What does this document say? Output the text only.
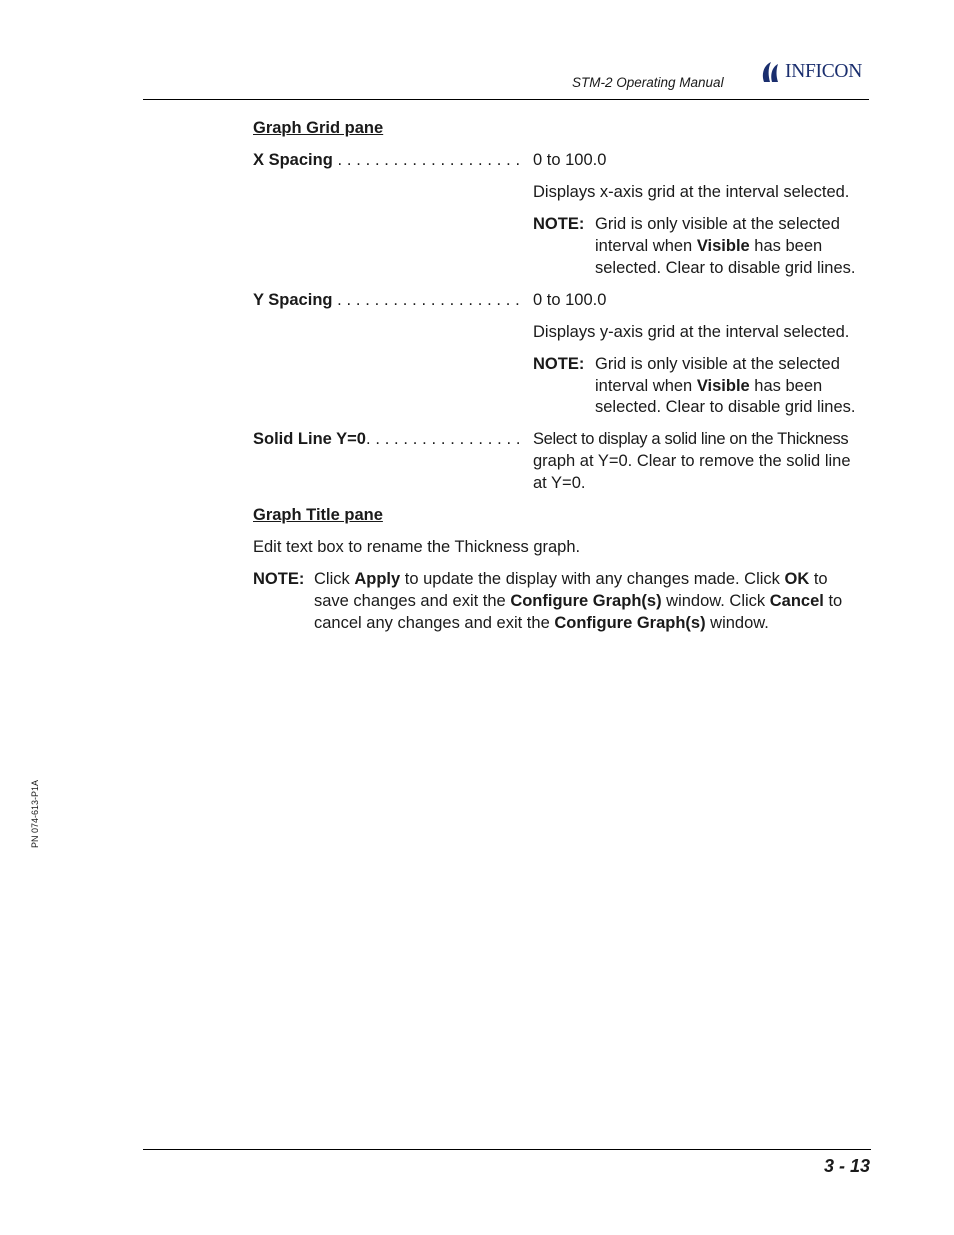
STM-2 Operating Manual
INFICON
PN 074-613-P1A
Graph Grid pane
X Spacing . . . . . . . . . . . . . . . . . . . . 0 to 100.0
Displays x-axis grid at the interval selected.
NOTE: Grid is only visible at the selected
interval when Visible has been
selected. Clear to disable grid lines.
Y Spacing . . . . . . . . . . . . . . . . . . . . 0 to 100.0
Displays y-axis grid at the interval selected.
NOTE: Grid is only visible at the selected
interval when Visible has been
selected. Clear to disable grid lines.
Solid Line Y=0. . . . . . . . . . . . . . . . . Select to display a solid line on the Thickness
graph at Y=0. Clear to remove the solid line
at Y=0.
Graph Title pane
Edit text box to rename the Thickness graph.
NOTE: Click Apply to update the display with any changes made. Click OK to
save changes and exit the Configure Graph(s) window. Click Cancel to
cancel any changes and exit the Configure Graph(s) window.
3 - 13
